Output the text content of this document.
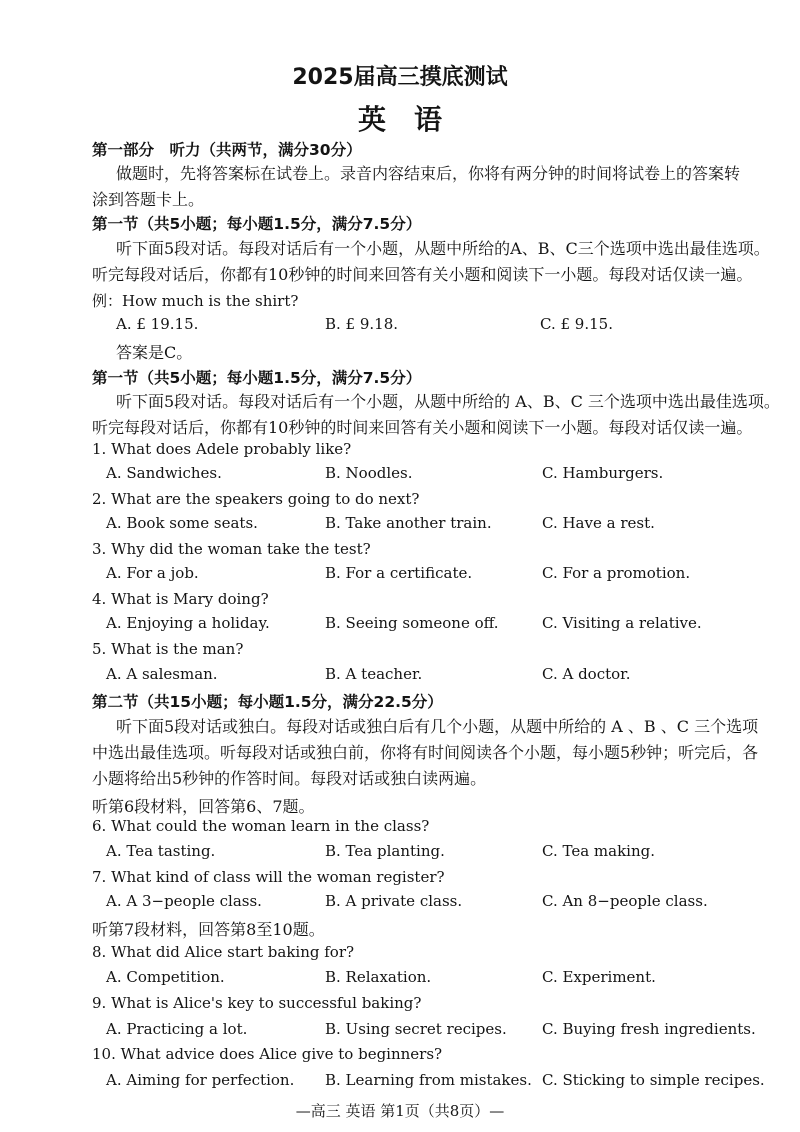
2025届高三摸底测试
英　语
第一部分　听力（共两节，满分30分）
做题时，先将答案标在试卷上。录音内容结束后，你将有两分钟的时间将试卷上的答案转
涂到答题卡上。
第一节（共5小题；每小题1.5分，满分7.5分）
听下面5段对话。每段对话后有一个小题，从题中所给的A、B、C三个选项中选出最佳选项。
听完每段对话后，你都有10秒钟的时间来回答有关小题和阅读下一小题。每段对话仅读一遍。
例：How much is the shirt?
A. £ 19.15.	B. £ 9.18.	C. £ 9.15.
答案是C。
第一节（共5小题；每小题1.5分，满分7.5分）
听下面5段对话。每段对话后有一个小题，从题中所给的 A、B、C 三个选项中选出最佳选项。
听完每段对话后，你都有10秒钟的时间来回答有关小题和阅读下一小题。每段对话仅读一遍。
1. What does Adele probably like?
A. Sandwiches.	B. Noodles.	C. Hamburgers.
2. What are the speakers going to do next?
A. Book some seats.	B. Take another train.	C. Have a rest.
3. Why did the woman take the test?
A. For a job.	B. For a certificate.	C. For a promotion.
4. What is Mary doing?
A. Enjoying a holiday.	B. Seeing someone off.	C. Visiting a relative.
5. What is the man?
A. A salesman.	B. A teacher.	C. A doctor.
第二节（共15小题；每小题1.5分，满分22.5分）
听下面5段对话或独白。每段对话或独白后有几个小题，从题中所给的 A 、B 、C 三个选项
中选出最佳选项。听每段对话或独白前，你将有时间阅读各个小题，每小题5秒钟；听完后，各
小题将给出5秒钟的作答时间。每段对话或独白读两遍。
听第6段材料，回答第6、7题。
6. What could the woman learn in the class?
A. Tea tasting.	B. Tea planting.	C. Tea making.
7. What kind of class will the woman register?
A. A 3−people class.	B. A private class.	C. An 8−people class.
听第7段材料，回答第8至10题。
8. What did Alice start baking for?
A. Competition.	B. Relaxation.	C. Experiment.
9. What is Alice's key to successful baking?
A. Practicing a lot.	B. Using secret recipes. C. Buying fresh ingredients.
10. What advice does Alice give to beginners?
A. Aiming for perfection. B. Learning from mistakes. C. Sticking to simple recipes.
—高三 英语 第1页（共8页）—
